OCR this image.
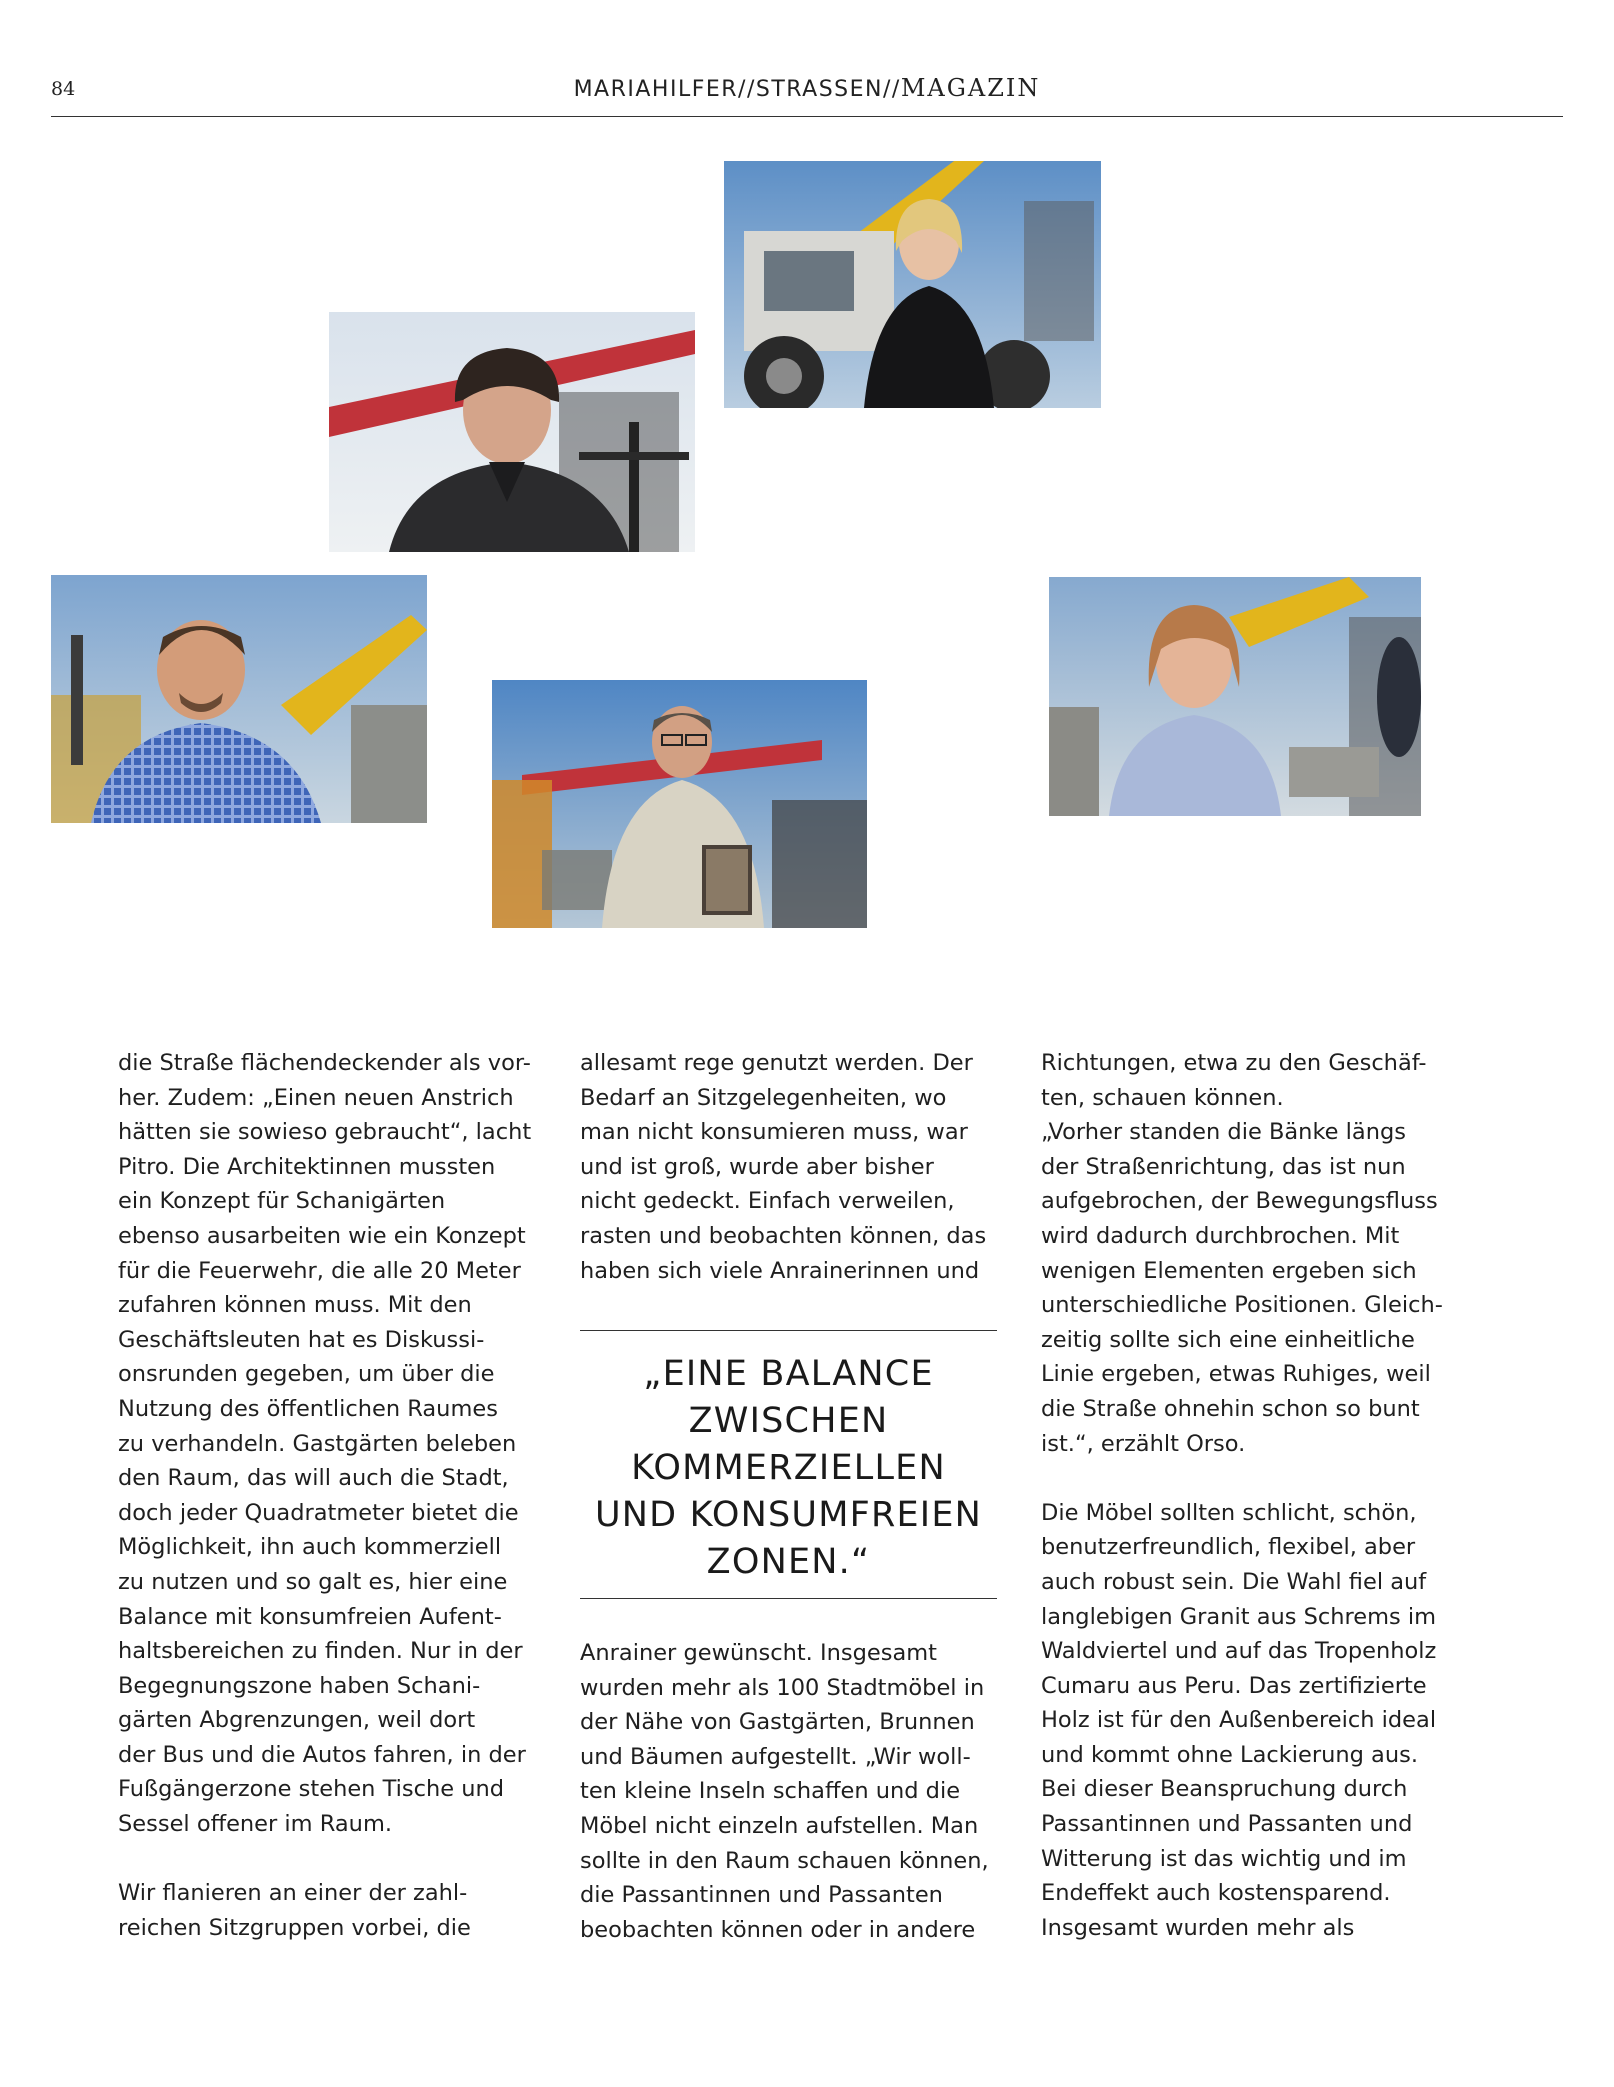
84	MARIAHILFER//STRASSEN//MAGAZIN
die Straße flächendeckender als vor-
her. Zudem: „Einen neuen Anstrich
hätten sie sowieso gebraucht“, lacht
Pitro. Die Architektinnen mussten
ein Konzept für Schanigärten
ebenso ausarbeiten wie ein Konzept
für die Feuerwehr, die alle 20 Meter
zufahren können muss. Mit den
Geschäftsleuten hat es Diskussi-
onsrunden gegeben, um über die
Nutzung des öffentlichen Raumes
zu verhandeln. Gastgärten beleben
den Raum, das will auch die Stadt,
doch jeder Quadratmeter bietet die
Möglichkeit, ihn auch kommerziell
zu nutzen und so galt es, hier eine
Balance mit konsumfreien Aufent-
haltsbereichen zu finden. Nur in der
Begegnungszone haben Schani-
gärten Abgrenzungen, weil dort
der Bus und die Autos fahren, in der
Fußgängerzone stehen Tische und
Sessel offener im Raum.

Wir flanieren an einer der zahl-
reichen Sitzgruppen vorbei, die
allesamt rege genutzt werden. Der
Bedarf an Sitzgelegenheiten, wo
man nicht konsumieren muss, war
und ist groß, wurde aber bisher
nicht gedeckt. Einfach verweilen,
rasten und beobachten können, das
haben sich viele Anrainerinnen und
„EINE BALANCE
ZWISCHEN
KOMMERZIELLEN
UND KONSUMFREIEN
ZONEN.“
Anrainer gewünscht. Insgesamt
wurden mehr als 100 Stadtmöbel in
der Nähe von Gastgärten, Brunnen
und Bäumen aufgestellt. „Wir woll-
ten kleine Inseln schaffen und die
Möbel nicht einzeln aufstellen. Man
sollte in den Raum schauen können,
die Passantinnen und Passanten
beobachten können oder in andere
Richtungen, etwa zu den Geschäf-
ten, schauen können.
„Vorher standen die Bänke längs
der Straßenrichtung, das ist nun
aufgebrochen, der Bewegungsfluss
wird dadurch durchbrochen. Mit
wenigen Elementen ergeben sich
unterschiedliche Positionen. Gleich-
zeitig sollte sich eine einheitliche
Linie ergeben, etwas Ruhiges, weil
die Straße ohnehin schon so bunt
ist.“, erzählt Orso.

Die Möbel sollten schlicht, schön,
benutzerfreundlich, flexibel, aber
auch robust sein. Die Wahl fiel auf
langlebigen Granit aus Schrems im
Waldviertel und auf das Tropenholz
Cumaru aus Peru. Das zertifizierte
Holz ist für den Außenbereich ideal
und kommt ohne Lackierung aus.
Bei dieser Beanspruchung durch
Passantinnen und Passanten und
Witterung ist das wichtig und im
Endeffekt auch kostensparend.
Insgesamt wurden mehr als
